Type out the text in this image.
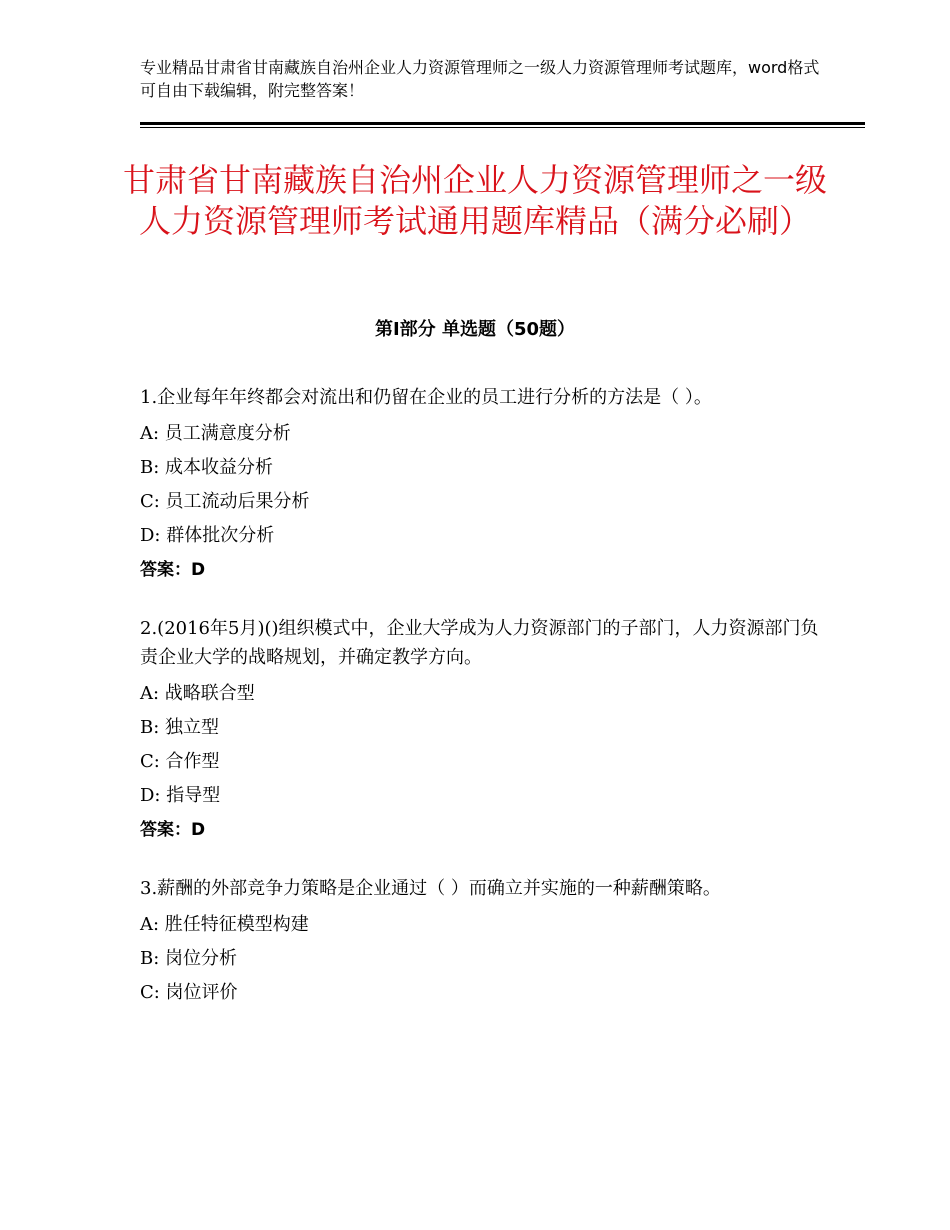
专业精品甘肃省甘南藏族自治州企业人力资源管理师之一级人力资源管理师考试题库，word格式可自由下载编辑，附完整答案！
甘肃省甘南藏族自治州企业人力资源管理师之一级人力资源管理师考试通用题库精品（满分必刷）
第Ⅰ部分 单选题（50题）
1.企业每年年终都会对流出和仍留在企业的员工进行分析的方法是（ ）。
A: 员工满意度分析
B: 成本收益分析
C: 员工流动后果分析
D: 群体批次分析
答案：D
2.(2016年5月)()组织模式中，企业大学成为人力资源部门的子部门，人力资源部门负责企业大学的战略规划，并确定教学方向。
A: 战略联合型
B: 独立型
C: 合作型
D: 指导型
答案：D
3.薪酬的外部竞争力策略是企业通过（ ）而确立并实施的一种薪酬策略。
A: 胜任特征模型构建
B: 岗位分析
C: 岗位评价
